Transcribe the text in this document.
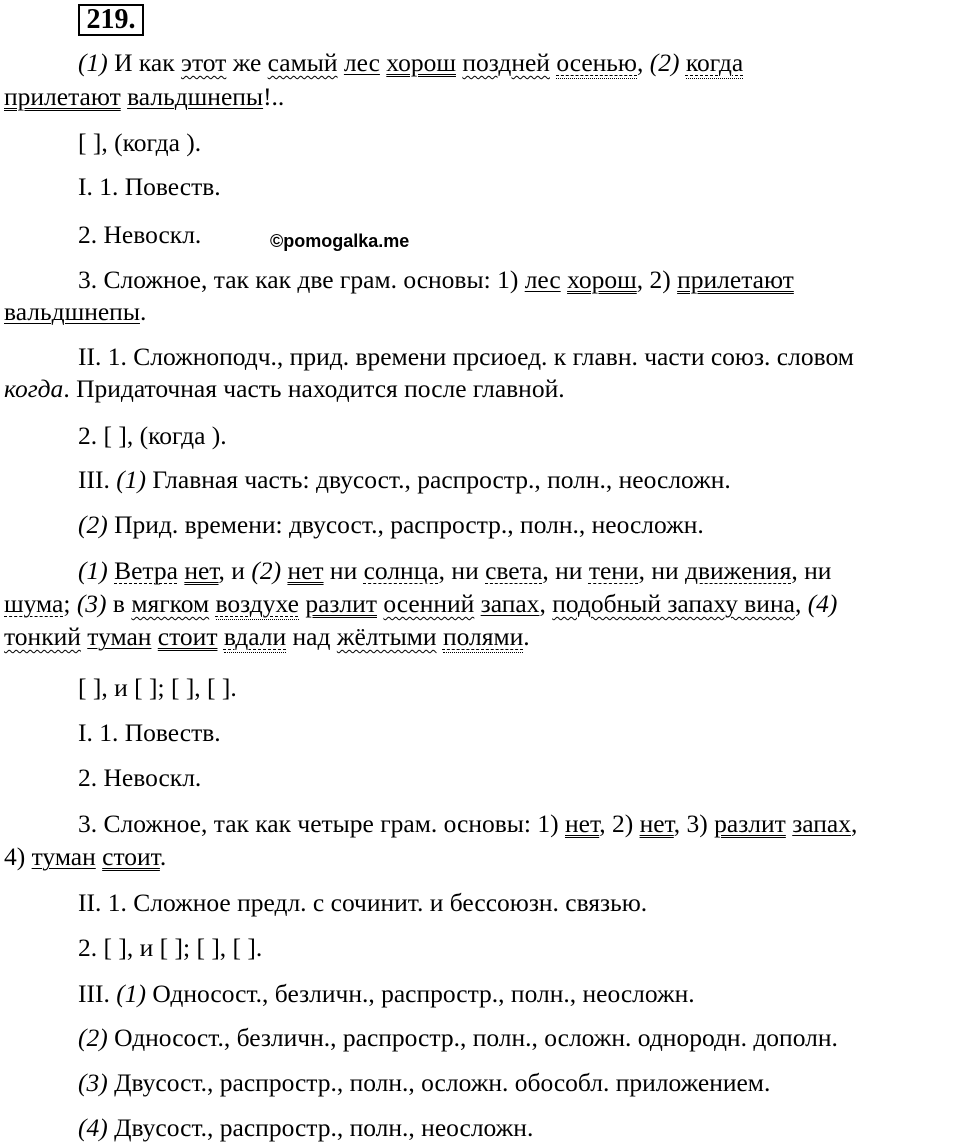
219.
(1) И как этот же самый лес хорош поздней осенью, (2) когда
прилетают вальдшнепы!..
[ ], (когда ).
I. 1. Повеств.
2. Невоскл.	©pomogalka.me
3. Сложное, так как две грам. основы: 1) лес хорош, 2) прилетают
вальдшнепы.
II. 1. Сложноподч., прид. времени прсиоед. к главн. части союз. словом
когда. Придаточная часть находится после главной.
2. [ ], (когда ).
III. (1) Главная часть: двусост., распростр., полн., неосложн.
(2) Прид. времени: двусост., распростр., полн., неосложн.
(1) Ветра нет, и (2) нет ни солнца, ни света, ни тени, ни движения, ни
шума; (3) в мягком воздухе разлит осенний запах, подобный запаху вина, (4)
тонкий туман стоит вдали над жёлтыми полями.
[ ], и [ ]; [ ], [ ].
I. 1. Повеств.
2. Невоскл.
3. Сложное, так как четыре грам. основы: 1) нет, 2) нет, 3) разлит запах,
4) туман стоит.
II. 1. Сложное предл. с сочинит. и бессоюзн. связью.
2. [ ], и [ ]; [ ], [ ].
III. (1) Односост., безличн., распростр., полн., неосложн.
(2) Односост., безличн., распростр., полн., осложн. однородн. дополн.
(3) Двусост., распростр., полн., осложн. обособл. приложением.
(4) Двусост., распростр., полн., неосложн.
